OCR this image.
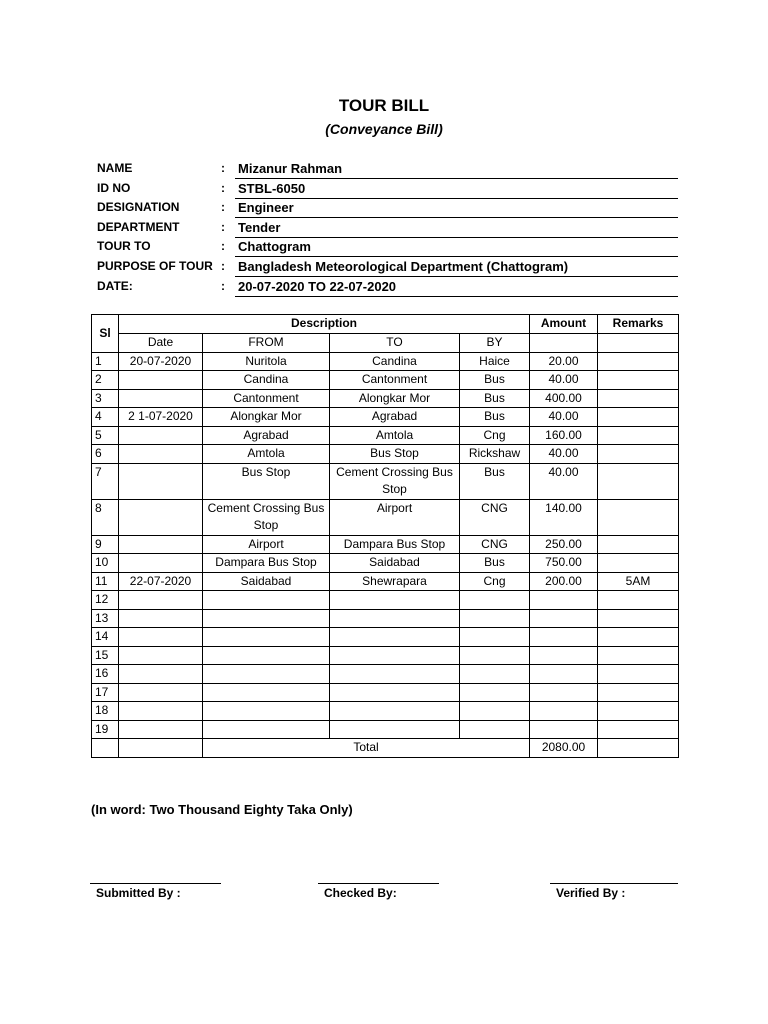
TOUR BILL
(Conveyance Bill)
NAME	: Mizanur Rahman
ID NO	: STBL-6050
DESIGNATION	: Engineer
DEPARTMENT	: Tender
TOUR TO	: Chattogram
PURPOSE OF TOUR : Bangladesh Meteorological Department (Chattogram)
DATE:	: 20-07-2020 TO 22-07-2020
Sl	Description				Amount	Remarks
	Date	FROM	TO	BY		
1	20-07-2020	Nuritola	Candina	Haice	20.00	
2		Candina	Cantonment	Bus	40.00	
3		Cantonment	Alongkar Mor	Bus	400.00	
4	2 1-07-2020	Alongkar Mor	Agrabad	Bus	40.00	
5		Agrabad	Amtola	Cng	160.00	
6		Amtola	Bus Stop	Rickshaw	40.00	
7		Bus Stop	Cement Crossing Bus Stop	Bus	40.00	
8		Cement Crossing Bus Stop	Airport	CNG	140.00	
9		Airport	Dampara Bus Stop	CNG	250.00	
10		Dampara Bus Stop	Saidabad	Bus	750.00	
11	22-07-2020	Saidabad	Shewrapara	Cng	200.00	5AM
12						
13						
14						
15						
16						
17						
18						
19						
		Total			2080.00	
(In word: Two Thousand Eighty Taka Only)
Submitted By :	Checked By:	Verified By :
